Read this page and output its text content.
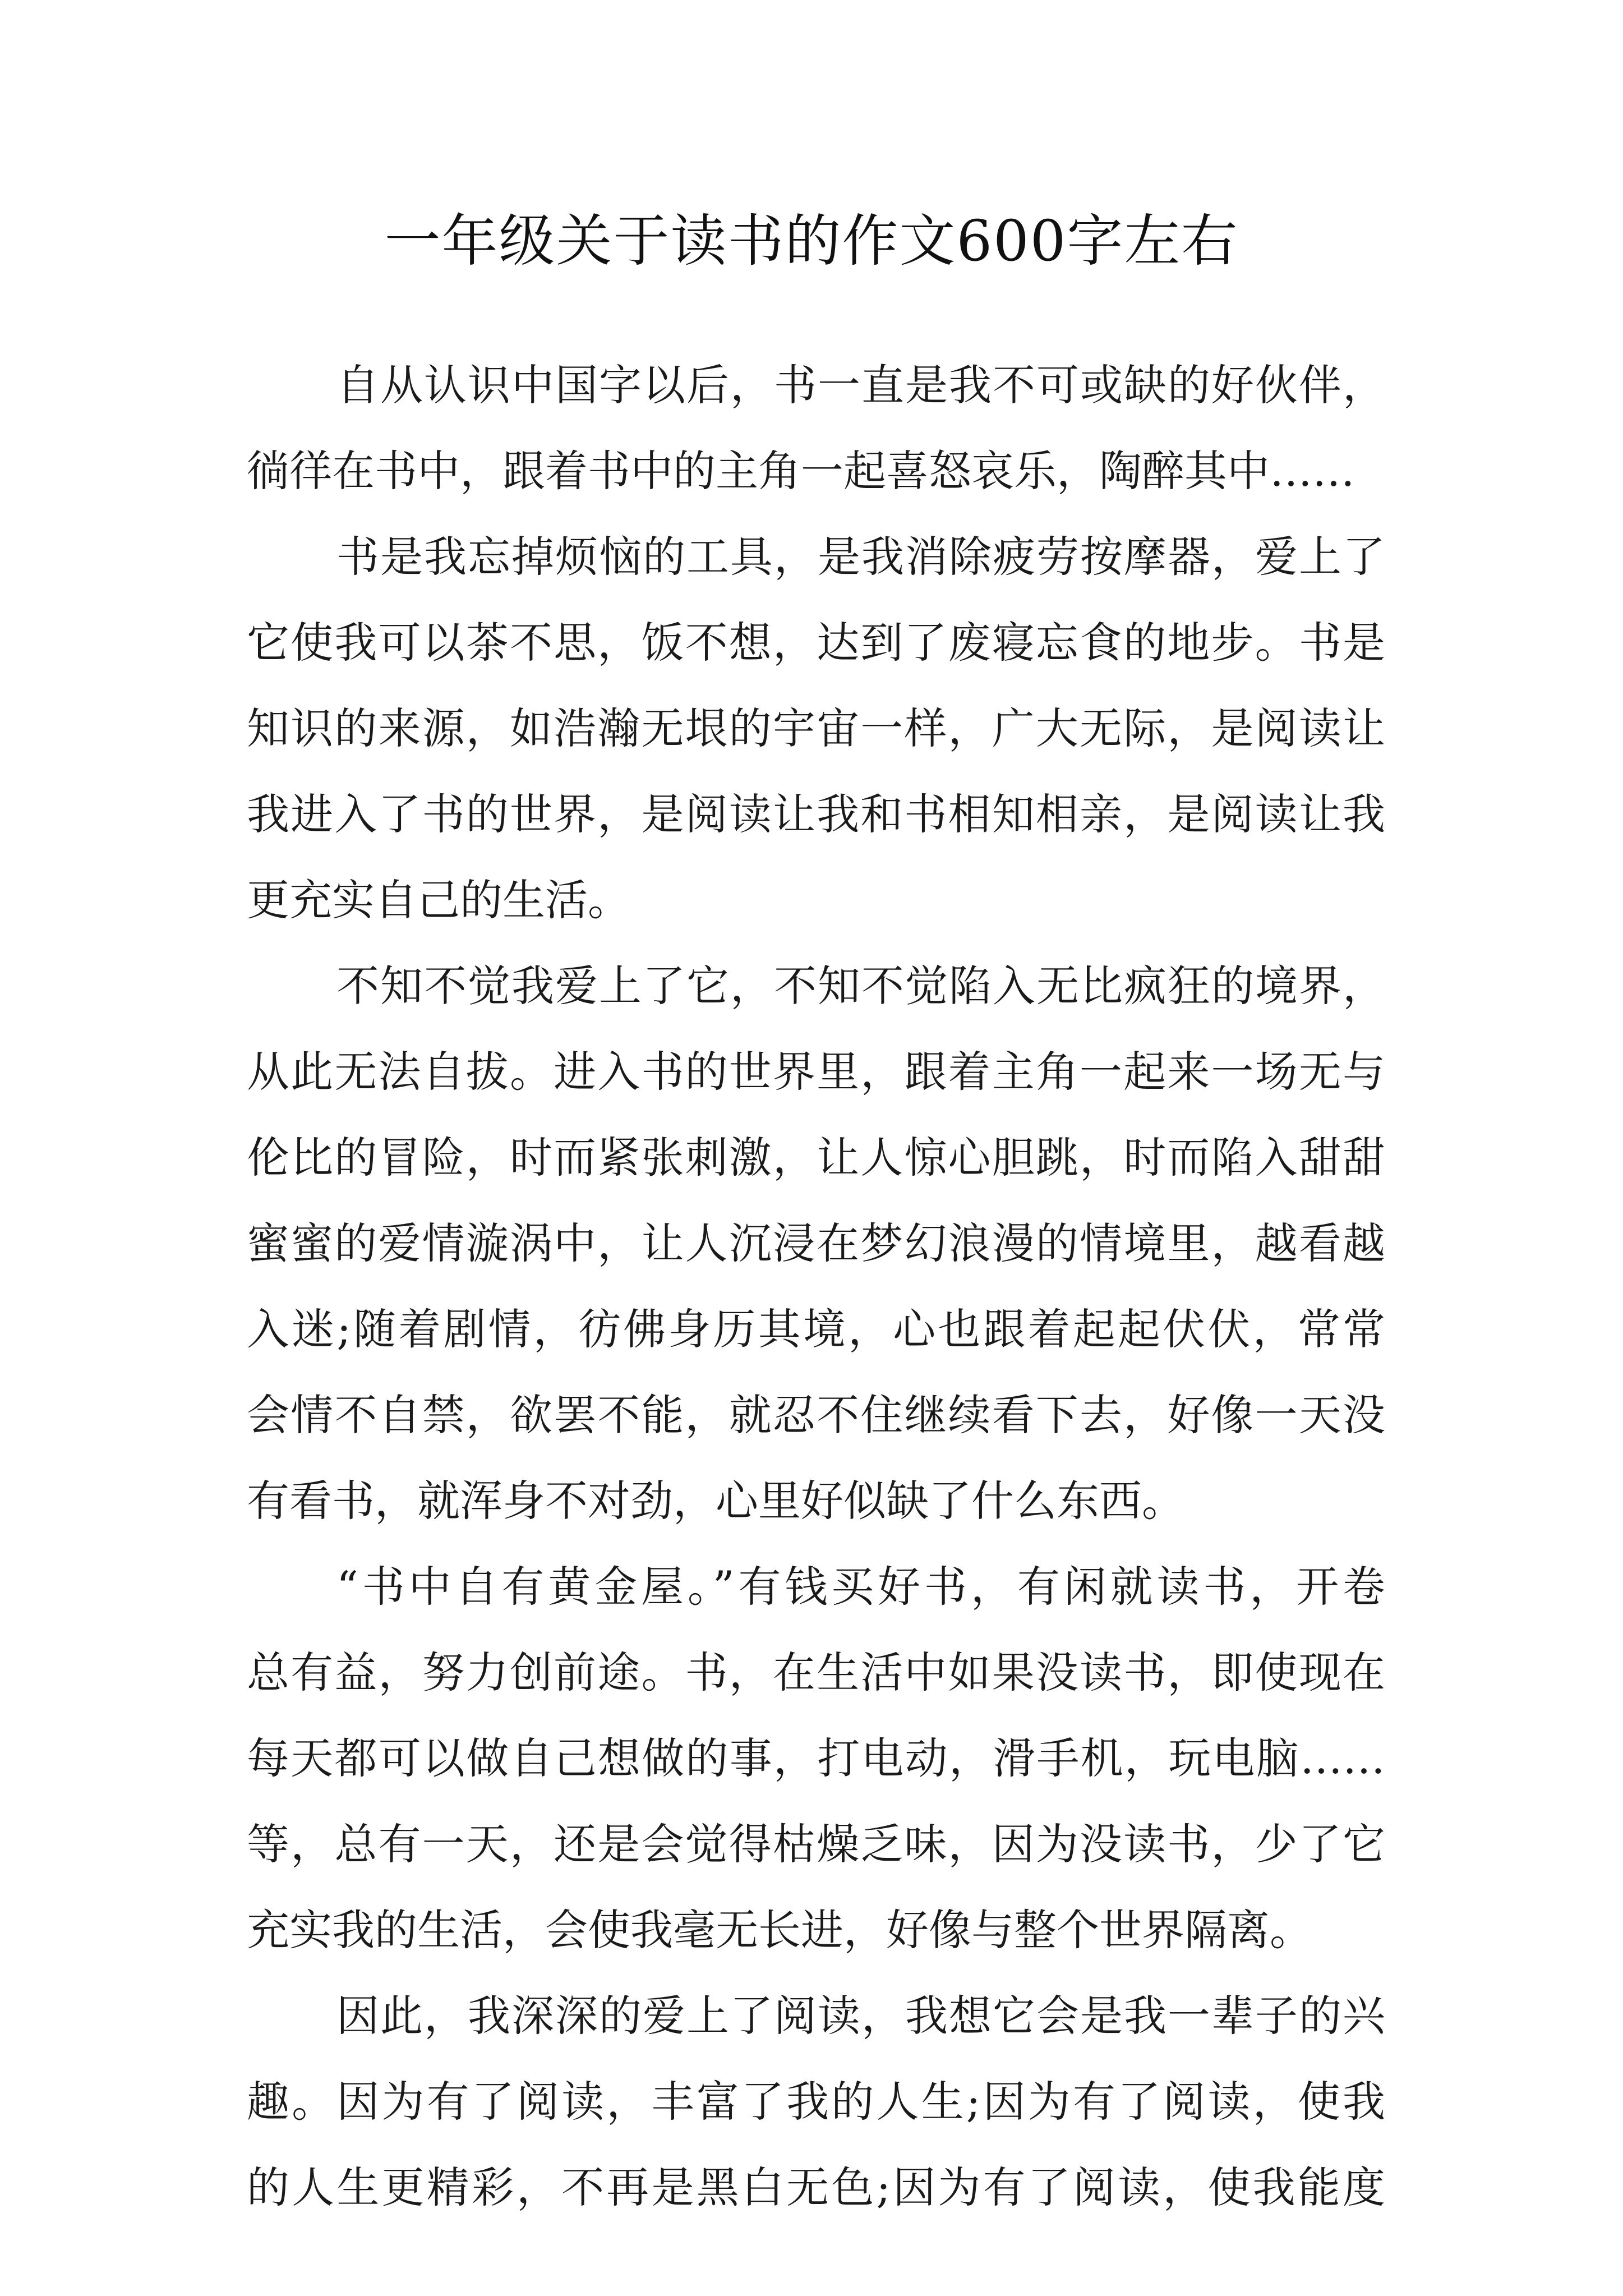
一年级关于读书的作文600字左右
自从认识中国字以后，书一直是我不可或缺的好伙伴，
徜徉在书中，跟着书中的主角一起喜怒哀乐，陶醉其中……
书是我忘掉烦恼的工具，是我消除疲劳按摩器，爱上了
它使我可以茶不思，饭不想，达到了废寝忘食的地步。书是
知识的来源，如浩瀚无垠的宇宙一样，广大无际，是阅读让
我进入了书的世界，是阅读让我和书相知相亲，是阅读让我
更充实自己的生活。
不知不觉我爱上了它，不知不觉陷入无比疯狂的境界，
从此无法自拔。进入书的世界里，跟着主角一起来一场无与
伦比的冒险，时而紧张刺激，让人惊心胆跳，时而陷入甜甜
蜜蜜的爱情漩涡中，让人沉浸在梦幻浪漫的情境里，越看越
入迷;随着剧情，彷佛身历其境，心也跟着起起伏伏，常常
会情不自禁，欲罢不能，就忍不住继续看下去，好像一天没
有看书，就浑身不对劲，心里好似缺了什么东西。
“书中自有黄金屋。”有钱买好书，有闲就读书，开卷
总有益，努力创前途。书，在生活中如果没读书，即使现在
每天都可以做自己想做的事，打电动，滑手机，玩电脑……
等，总有一天，还是会觉得枯燥乏味，因为没读书，少了它
充实我的生活，会使我毫无长进，好像与整个世界隔离。
因此，我深深的爱上了阅读，我想它会是我一辈子的兴
趣。因为有了阅读，丰富了我的人生;因为有了阅读，使我
的人生更精彩，不再是黑白无色;因为有了阅读，使我能度
